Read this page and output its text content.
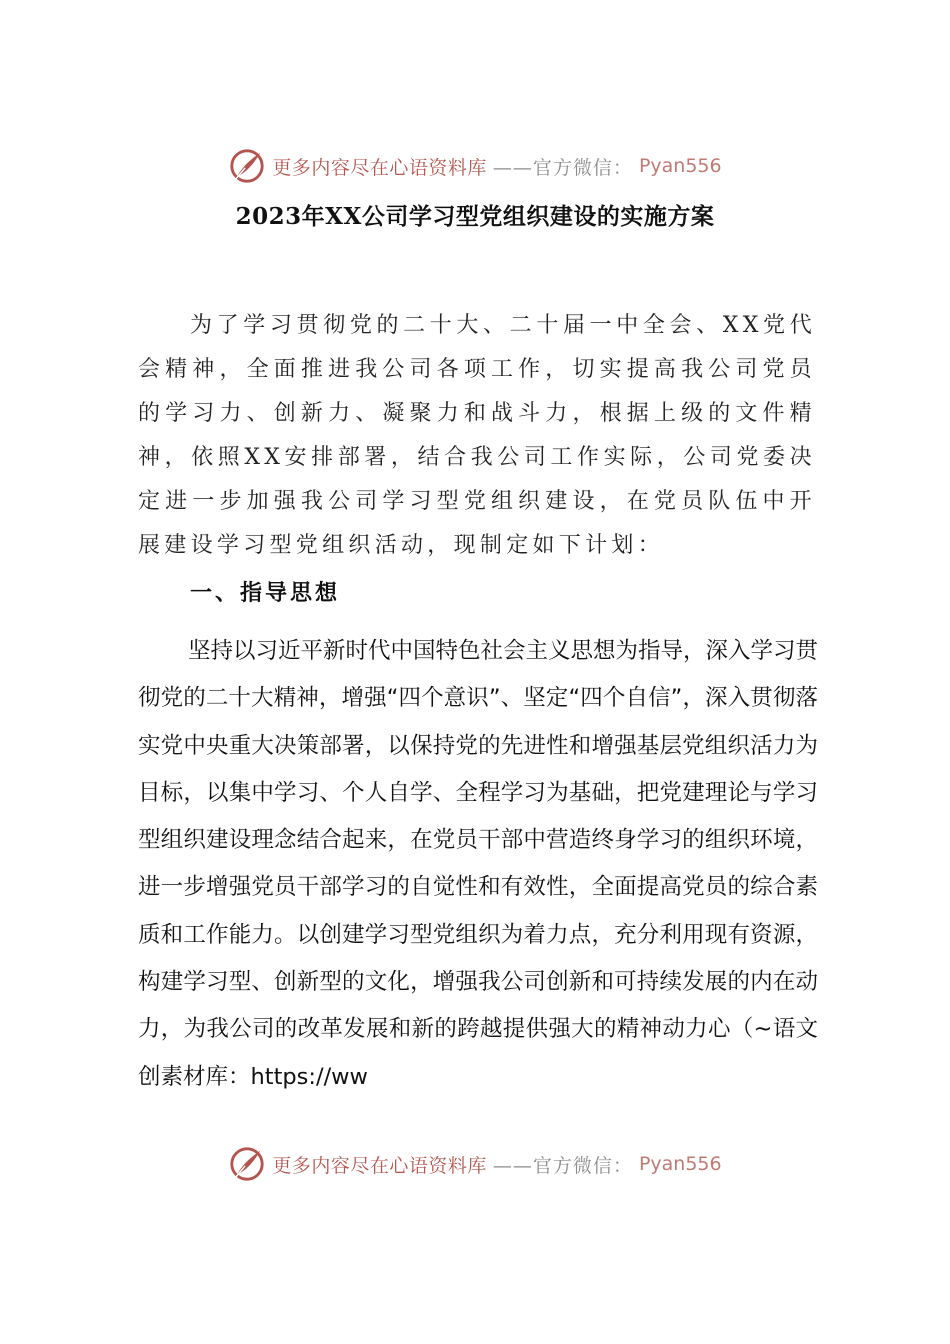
更多内容尽在心语资料库 ——官方微信： Pyan556
2023年XX公司学习型党组织建设的实施方案

为了学习贯彻党的二十大、二十届一中全会、XX党代会精神，全面推进我公司各项工作，切实提高我公司党员的学习力、创新力、凝聚力和战斗力，根据上级的文件精神，依照XX安排部署，结合我公司工作实际，公司党委决定进一步加强我公司学习型党组织建设，在党员队伍中开展建设学习型党组织活动，现制定如下计划：

一、指导思想

坚持以习近平新时代中国特色社会主义思想为指导，深入学习贯彻党的二十大精神，增强“四个意识”、坚定“四个自信”，深入贯彻落实党中央重大决策部署，以保持党的先进性和增强基层党组织活力为目标，以集中学习、个人自学、全程学习为基础，把党建理论与学习型组织建设理念结合起来，在党员干部中营造终身学习的组织环境，进一步增强党员干部学习的自觉性和有效性，全面提高党员的综合素质和工作能力。以创建学习型党组织为着力点，充分利用现有资源，构建学习型、创新型的文化，增强我公司创新和可持续发展的内在动力，为我公司的改革发展和新的跨越提供强大的精神动力心（~语文创素材库：https://ww

更多内容尽在心语资料库 ——官方微信： Pyan556
